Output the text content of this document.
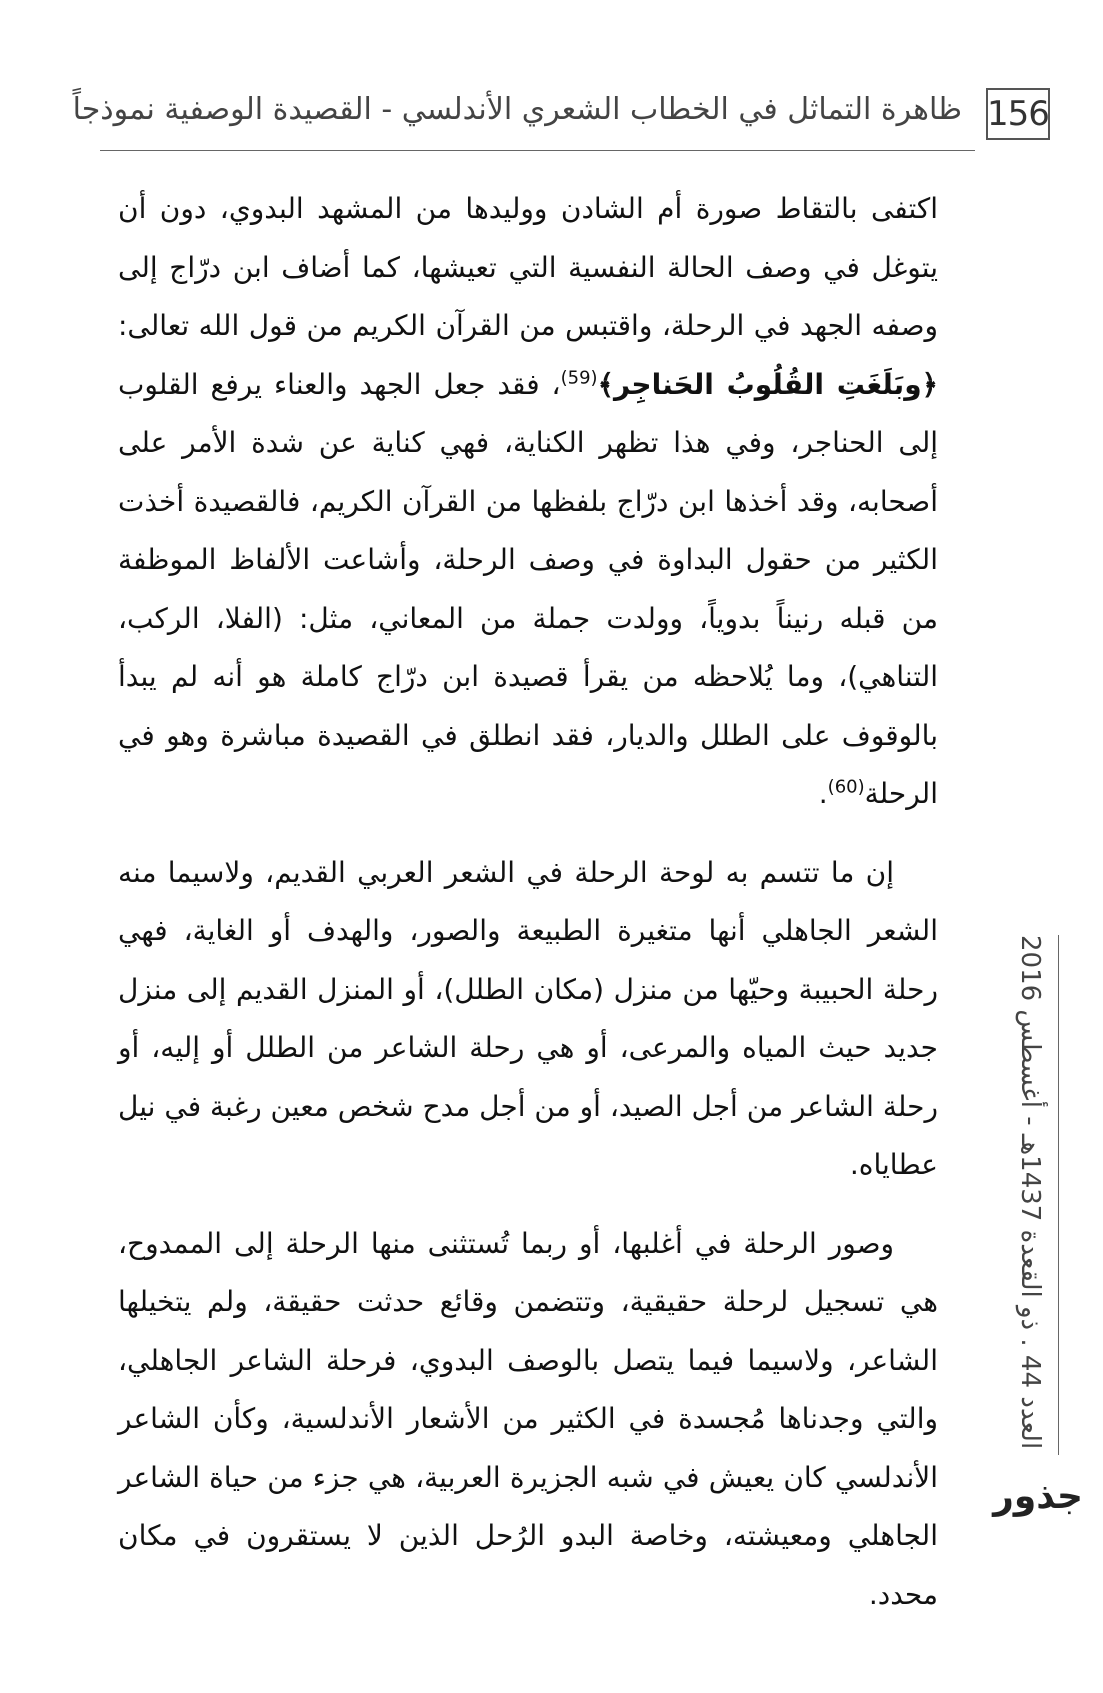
156
ظاهرة التماثل في الخطاب الشعري الأندلسي - القصيدة الوصفية نموذجاً

اكتفى بالتقاط صورة أم الشادن ووليدها من المشهد البدوي، دون أن يتوغل في وصف الحالة النفسية التي تعيشها، كما أضاف ابن درّاج إلى وصفه الجهد في الرحلة، واقتبس من القرآن الكريم من قول الله تعالى: ﴿وبَلَغَتِ القُلُوبُ الحَناجِر﴾$^{(59)}$، فقد جعل الجهد والعناء يرفع القلوب إلى الحناجر، وفي هذا تظهر الكناية، فهي كناية عن شدة الأمر على أصحابه، وقد أخذها ابن درّاج بلفظها من القرآن الكريم، فالقصيدة أخذت الكثير من حقول البداوة في وصف الرحلة، وأشاعت الألفاظ الموظفة من قبله رنيناً بدوياً، وولدت جملة من المعاني، مثل: (الفلا، الركب، التناهي)، وما يُلاحظه من يقرأ قصيدة ابن درّاج كاملة هو أنه لم يبدأ بالوقوف على الطلل والديار، فقد انطلق في القصيدة مباشرة وهو في الرحلة$^{(60)}$.

إن ما تتسم به لوحة الرحلة في الشعر العربي القديم، ولاسيما منه الشعر الجاهلي أنها متغيرة الطبيعة والصور، والهدف أو الغاية، فهي رحلة الحبيبة وحيّها من منزل (مكان الطلل)، أو المنزل القديم إلى منزل جديد حيث المياه والمرعى، أو هي رحلة الشاعر من الطلل أو إليه، أو رحلة الشاعر من أجل الصيد، أو من أجل مدح شخص معين رغبة في نيل عطاياه.

وصور الرحلة في أغلبها، أو ربما تُستثنى منها الرحلة إلى الممدوح، هي تسجيل لرحلة حقيقية، وتتضمن وقائع حدثت حقيقة، ولم يتخيلها الشاعر، ولاسيما فيما يتصل بالوصف البدوي، فرحلة الشاعر الجاهلي، والتي وجدناها مُجسدة في الكثير من الأشعار الأندلسية، وكأن الشاعر الأندلسي كان يعيش في شبه الجزيرة العربية، هي جزء من حياة الشاعر الجاهلي ومعيشته، وخاصة البدو الرُحل الذين لا يستقرون في مكان محدد.

العدد 44 . ذو القعدة 1437هـ - أغسطس 2016
جذور
